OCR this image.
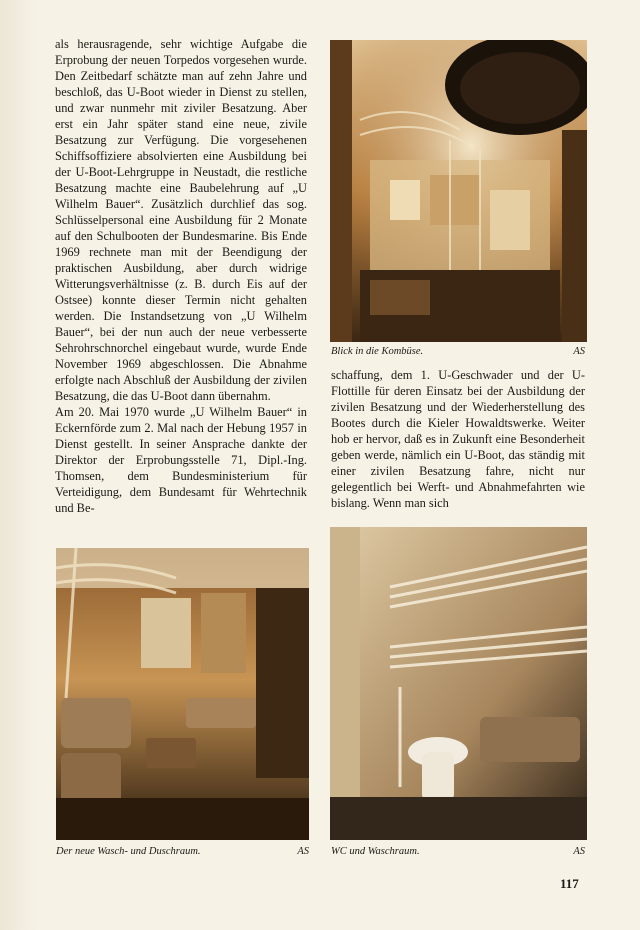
als herausragende, sehr wichtige Aufgabe die Erprobung der neuen Torpedos vorgesehen wurde. Den Zeitbedarf schätzte man auf zehn Jahre und beschloß, das U-Boot wieder in Dienst zu stellen, und zwar nunmehr mit ziviler Besatzung. Aber erst ein Jahr später stand eine neue, zivile Besatzung zur Verfügung. Die vorgesehenen Schiffsoffiziere absolvierten eine Ausbildung bei der U-Boot-Lehrgruppe in Neustadt, die restliche Besatzung machte eine Baubelehrung auf „U Wilhelm Bauer“. Zusätzlich durchlief das sog. Schlüsselpersonal eine Ausbildung für 2 Monate auf den Schulbooten der Bundesmarine. Bis Ende 1969 rechnete man mit der Beendigung der praktischen Ausbildung, aber durch widrige Witterungsverhältnisse (z. B. durch Eis auf der Ostsee) konnte dieser Termin nicht gehalten werden. Die Instandsetzung von „U Wilhelm Bauer“, bei der nun auch der neue verbesserte Sehrohrschnorchel eingebaut wurde, wurde Ende November 1969 abgeschlossen. Die Abnahme erfolgte nach Abschluß der Ausbildung der zivilen Besatzung, die das U-Boot dann übernahm.

Am 20. Mai 1970 wurde „U Wilhelm Bauer“ in Eckernförde zum 2. Mal nach der Hebung 1957 in Dienst gestellt. In seiner Ansprache dankte der Direktor der Erprobungsstelle 71, Dipl.-Ing. Thomsen, dem Bundesministerium für Verteidigung, dem Bundesamt für Wehrtechnik und Be-

Blick in die Kombüse.	AS

schaffung, dem 1. U-Geschwader und der U-Flottille für deren Einsatz bei der Ausbildung der zivilen Besatzung und der Wiederherstellung des Bootes durch die Kieler Howaldtswerke. Weiter hob er hervor, daß es in Zukunft eine Besonderheit geben werde, nämlich ein U-Boot, das ständig mit einer zivilen Besatzung fahre, nicht nur gelegentlich bei Werft- und Abnahmefahrten wie bislang. Wenn man sich

Der neue Wasch- und Duschraum.	AS WC und Waschraum.	AS
117
